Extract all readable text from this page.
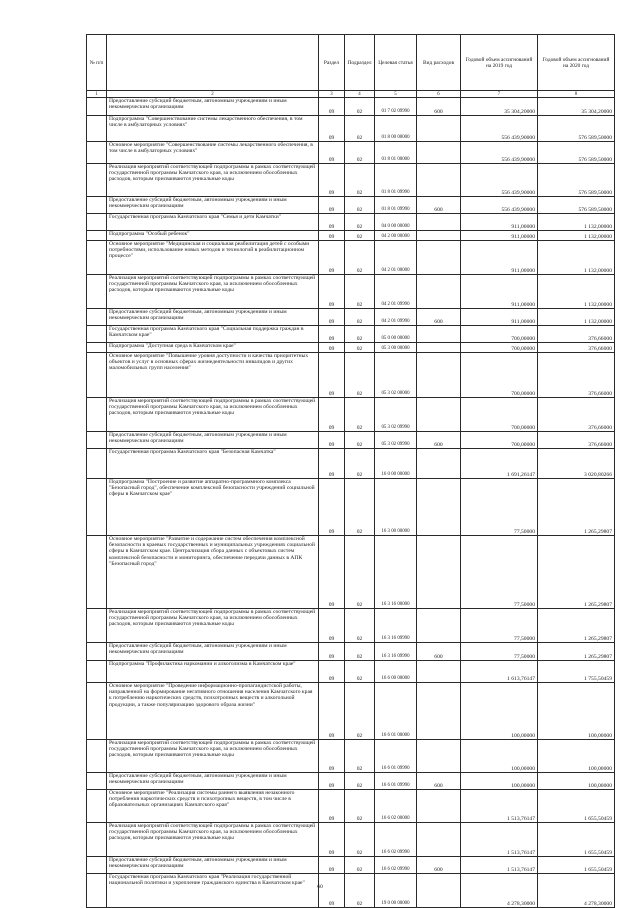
№ п/п		Раздел	Подраздел	Целевая статья	Вид расходов	Годовой объем ассигнований на 2019 год	Годовой объем ассигнований на 2020 год
1	2	3	4	5	6	7	8
	Предоставление субсидий бюджетным, автономным учреждениям и иным некоммерческим организациям	09	02	01 7 02 09990	600	35 304,20000	35 304,20000
	Подпрограмма "Совершенствование системы лекарственного обеспечения, в том числе в амбулаторных условиях"	09	02	01 8 00 00000		556 439,90000	576 589,50000
	Основное мероприятие "Совершенствование системы лекарственного обеспечения, в том числе в амбулаторных условиях"	09	02	01 8 01 00000		556 439,90000	576 589,50000
	Реализация мероприятий соответствующей подпрограммы в рамках соответствующей государственной программы Камчатского края, за исключением обособленных расходов, которым присваиваются уникальные коды	09	02	01 8 01 09990		556 439,90000	576 589,50000
	Предоставление субсидий бюджетным, автономным учреждениям и иным некоммерческим организациям	09	02	01 8 01 09990	600	556 439,90000	576 589,50000
	Государственная программа Камчатского края "Семья и дети Камчатки"	09	02	04 0 00 00000		911,00000	1 132,00000
	Подпрограмма "Особый ребенок"	09	02	04 2 00 00000		911,00000	1 132,00000
	Основное мероприятие "Медицинская и социальная реабилитация детей с особыми потребностями, использование новых методов и технологий в реабилитационном процессе"	09	02	04 2 01 00000		911,00000	1 132,00000
	Реализация мероприятий соответствующей подпрограммы в рамках соответствующей государственной программы Камчатского края, за исключением обособленных расходов, которым присваиваются уникальные коды	09	02	04 2 01 09990		911,00000	1 132,00000
	Предоставление субсидий бюджетным, автономным учреждениям и иным некоммерческим организациям	09	02	04 2 01 09990	600	911,00000	1 132,00000
	Государственная программа Камчатского края "Социальная поддержка граждан в Камчатском крае"	09	02	05 0 00 00000		700,00000	376,66000
	Подпрограмма "Доступная среда в Камчатском крае"	09	02	05 3 00 00000		700,00000	376,66000
	Основное мероприятие "Повышение уровня доступности и качества приоритетных объектов и услуг в основных сферах жизнедеятельности инвалидов и других маломобильных групп населения"	09	02	05 3 02 00000		700,00000	376,66000
	Реализация мероприятий соответствующей подпрограммы в рамках соответствующей государственной программы Камчатского края, за исключением обособленных расходов, которым присваиваются уникальные коды	09	02	05 3 02 09990		700,00000	376,66000
	Предоставление субсидий бюджетным, автономным учреждениям и иным некоммерческим организациям	09	02	05 3 02 09990	600	700,00000	376,66000
	Государственная программа Камчатского края "Безопасная Камчатка"	09	02	16 0 00 00000		1 691,26147	3 020,80266
	Подпрограмма "Построение и развитие аппаратно-программного комплекса "Безопасный город", обеспечение комплексной безопасности учреждений социальной сферы в Камчатском крае"	09	02	16 3 00 00000		77,50000	1 265,29807
	Основное мероприятие "Развитие и содержание систем обеспечения комплексной безопасности в краевых государственных и муниципальных учреждениях социальной сферы в Камчатском крае. Централизация сбора данных с объектовых систем комплексной безопасности и мониторинга, обеспечение передачи данных в АПК "Безопасный город"	09	02	16 3 16 00000		77,50000	1 265,29807
	Реализация мероприятий соответствующей подпрограммы в рамках соответствующей государственной программы Камчатского края, за исключением обособленных расходов, которым присваиваются уникальные коды	09	02	16 3 16 09990		77,50000	1 265,29807
	Предоставление субсидий бюджетным, автономным учреждениям и иным некоммерческим организациям	09	02	16 3 16 09990	600	77,50000	1 265,29807
	Подпрограмма "Профилактика наркомании и алкоголизма в Камчатском крае"	09	02	16 6 00 00000		1 613,76147	1 755,50459
	Основное мероприятие "Проведение информационно-пропагандистской работы, направленной на формирование негативного отношения населения Камчатского края к потреблению наркотических средств, психотропных веществ и алкогольной продукции, а также популяризацию здорового образа жизни"	09	02	16 6 01 00000		100,00000	100,00000
	Реализация мероприятий соответствующей подпрограммы в рамках соответствующей государственной программы Камчатского края, за исключением обособленных расходов, которым присваиваются уникальные коды	09	02	16 6 01 09990		100,00000	100,00000
	Предоставление субсидий бюджетным, автономным учреждениям и иным некоммерческим организациям	09	02	16 6 01 09990	600	100,00000	100,00000
	Основное мероприятие "Реализация системы раннего выявления незаконного потребления наркотических средств и психотропных веществ, в том числе в образовательных организациях Камчатского края"	09	02	16 6 02 00000		1 513,76147	1 655,50459
	Реализация мероприятий соответствующей подпрограммы в рамках соответствующей государственной программы Камчатского края, за исключением обособленных расходов, которым присваиваются уникальные коды	09	02	16 6 02 09990		1 513,76147	1 655,50459
	Предоставление субсидий бюджетным, автономным учреждениям и иным некоммерческим организациям	09	02	16 6 02 09990	600	1 513,76147	1 655,50459
	Государственная программа Камчатского края "Реализация государственной национальной политики и укрепление гражданского единства в Камчатском крае"	09	02	19 0 00 00000		4 278,30000	4 278,30000
60
